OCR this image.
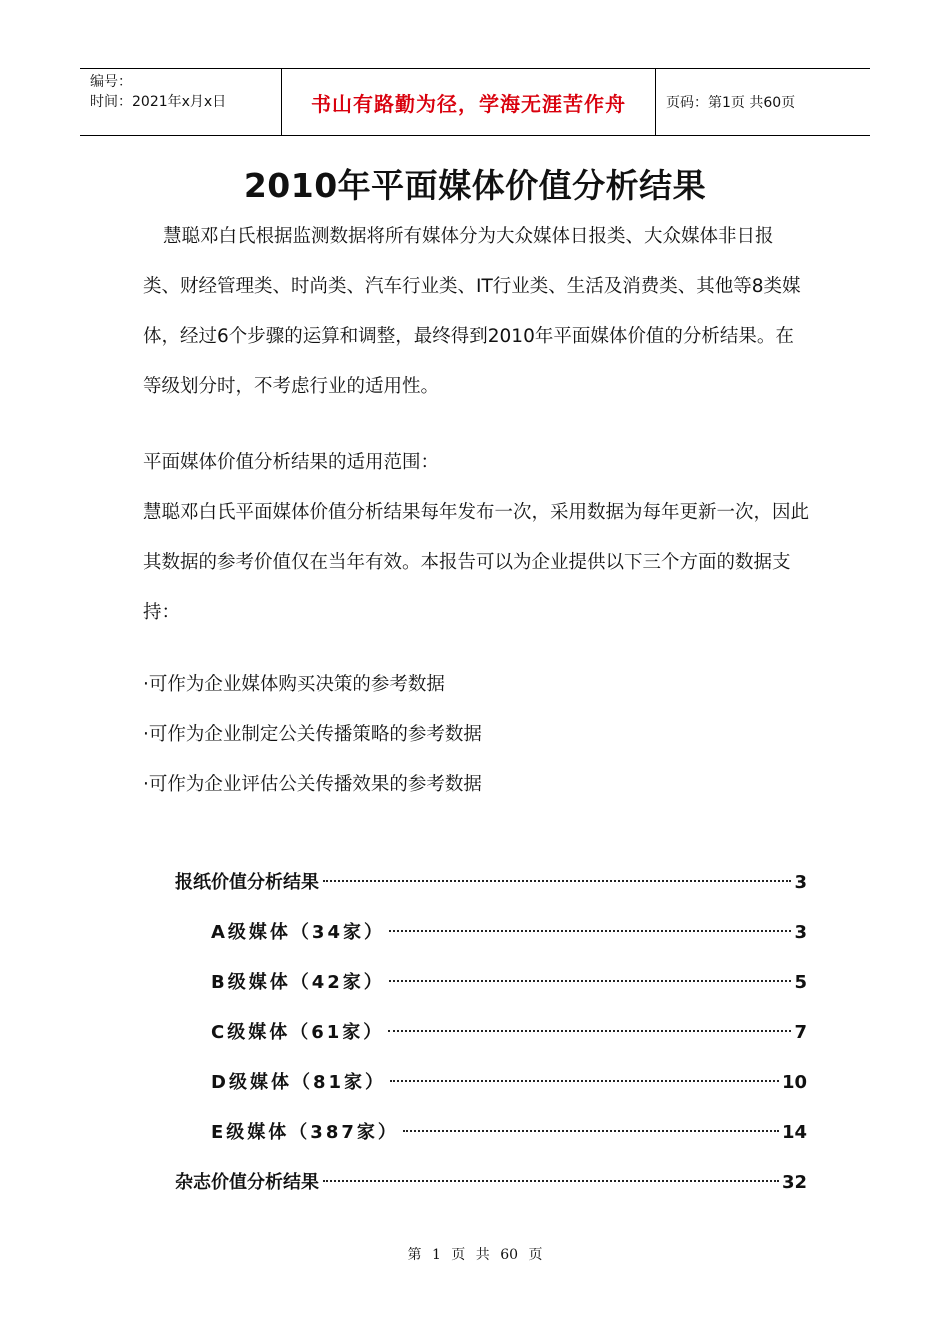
编号：
时间：2021年x月x日	书山有路勤为径，学海无涯苦作舟	页码：第1页 共60页
2010年平面媒体价值分析结果

慧聪邓白氏根据监测数据将所有媒体分为大众媒体日报类、大众媒体非日报类、财经管理类、时尚类、汽车行业类、IT行业类、生活及消费类、其他等8类媒体，经过6个步骤的运算和调整，最终得到2010年平面媒体价值的分析结果。在等级划分时，不考虑行业的适用性。

平面媒体价值分析结果的适用范围：
慧聪邓白氏平面媒体价值分析结果每年发布一次，采用数据为每年更新一次，因此其数据的参考价值仅在当年有效。本报告可以为企业提供以下三个方面的数据支持：
·可作为企业媒体购买决策的参考数据
·可作为企业制定公关传播策略的参考数据
·可作为企业评估公关传播效果的参考数据
报纸价值分析结果	3
A级媒体（34家）	3
B级媒体（42家）	5
C级媒体（61家）	7
D级媒体（81家）	10
E级媒体（387家）	14
杂志价值分析结果	32
第 1 页 共 60 页
